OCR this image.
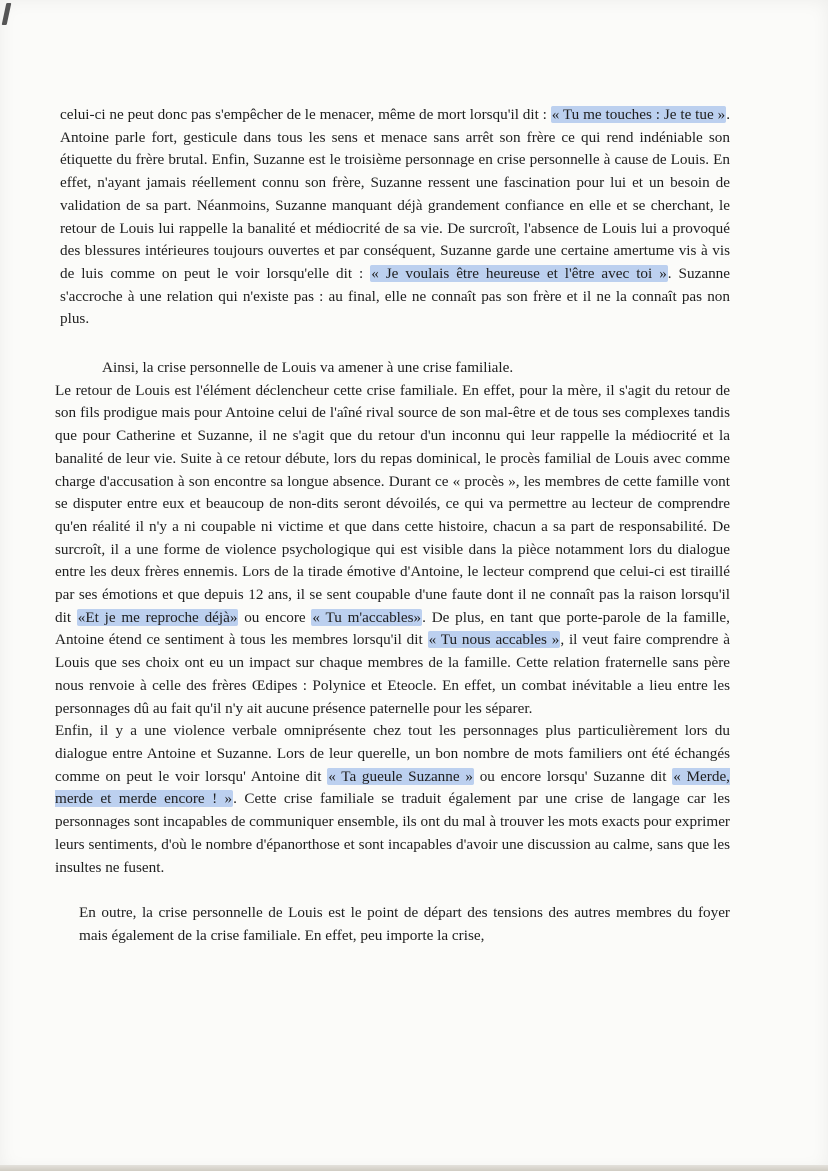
celui-ci ne peut donc pas s'empêcher de le menacer, même de mort lorsqu'il dit : « Tu me touches : Je te tue ». Antoine parle fort, gesticule dans tous les sens et menace sans arrêt son frère ce qui rend indéniable son étiquette du frère brutal. Enfin, Suzanne est le troisième personnage en crise personnelle à cause de Louis. En effet, n'ayant jamais réellement connu son frère, Suzanne ressent une fascination pour lui et un besoin de validation de sa part. Néanmoins, Suzanne manquant déjà grandement confiance en elle et se cherchant, le retour de Louis lui rappelle la banalité et médiocrité de sa vie. De surcroît, l'absence de Louis lui a provoqué des blessures intérieures toujours ouvertes et par conséquent, Suzanne garde une certaine amertume vis à vis de luis comme on peut le voir lorsqu'elle dit : « Je voulais être heureuse et l'être avec toi ». Suzanne s'accroche à une relation qui n'existe pas : au final, elle ne connaît pas son frère et il ne la connaît pas non plus.

Ainsi, la crise personnelle de Louis va amener à une crise familiale.

Le retour de Louis est l'élément déclencheur cette crise familiale. En effet, pour la mère, il s'agit du retour de son fils prodigue mais pour Antoine celui de l'aîné rival source de son mal-être et de tous ses complexes tandis que pour Catherine et Suzanne, il ne s'agit que du retour d'un inconnu qui leur rappelle la médiocrité et la banalité de leur vie. Suite à ce retour débute, lors du repas dominical, le procès familial de Louis avec comme charge d'accusation à son encontre sa longue absence. Durant ce « procès », les membres de cette famille vont se disputer entre eux et beaucoup de non-dits seront dévoilés, ce qui va permettre au lecteur de comprendre qu'en réalité il n'y a ni coupable ni victime et que dans cette histoire, chacun a sa part de responsabilité. De surcroît, il a une forme de violence psychologique qui est visible dans la pièce notamment lors du dialogue entre les deux frères ennemis. Lors de la tirade émotive d'Antoine, le lecteur comprend que celui-ci est tiraillé par ses émotions et que depuis 12 ans, il se sent coupable d'une faute dont il ne connaît pas la raison lorsqu'il dit «Et je me reproche déjà» ou encore « Tu m'accables». De plus, en tant que porte-parole de la famille, Antoine étend ce sentiment à tous les membres lorsqu'il dit « Tu nous accables », il veut faire comprendre à Louis que ses choix ont eu un impact sur chaque membres de la famille. Cette relation fraternelle sans père nous renvoie à celle des frères Œdipes : Polynice et Eteocle. En effet, un combat inévitable a lieu entre les personnages dû au fait qu'il n'y ait aucune présence paternelle pour les séparer.

Enfin, il y a une violence verbale omniprésente chez tout les personnages plus particulièrement lors du dialogue entre Antoine et Suzanne. Lors de leur querelle, un bon nombre de mots familiers ont été échangés comme on peut le voir lorsqu' Antoine dit « Ta gueule Suzanne » ou encore lorsqu' Suzanne dit « Merde, merde et merde encore ! ». Cette crise familiale se traduit également par une crise de langage car les personnages sont incapables de communiquer ensemble, ils ont du mal à trouver les mots exacts pour exprimer leurs sentiments, d'où le nombre d'épanorthose et sont incapables d'avoir une discussion au calme, sans que les insultes ne fusent.

En outre, la crise personnelle de Louis est le point de départ des tensions des autres membres du foyer mais également de la crise familiale. En effet, peu importe la crise,
